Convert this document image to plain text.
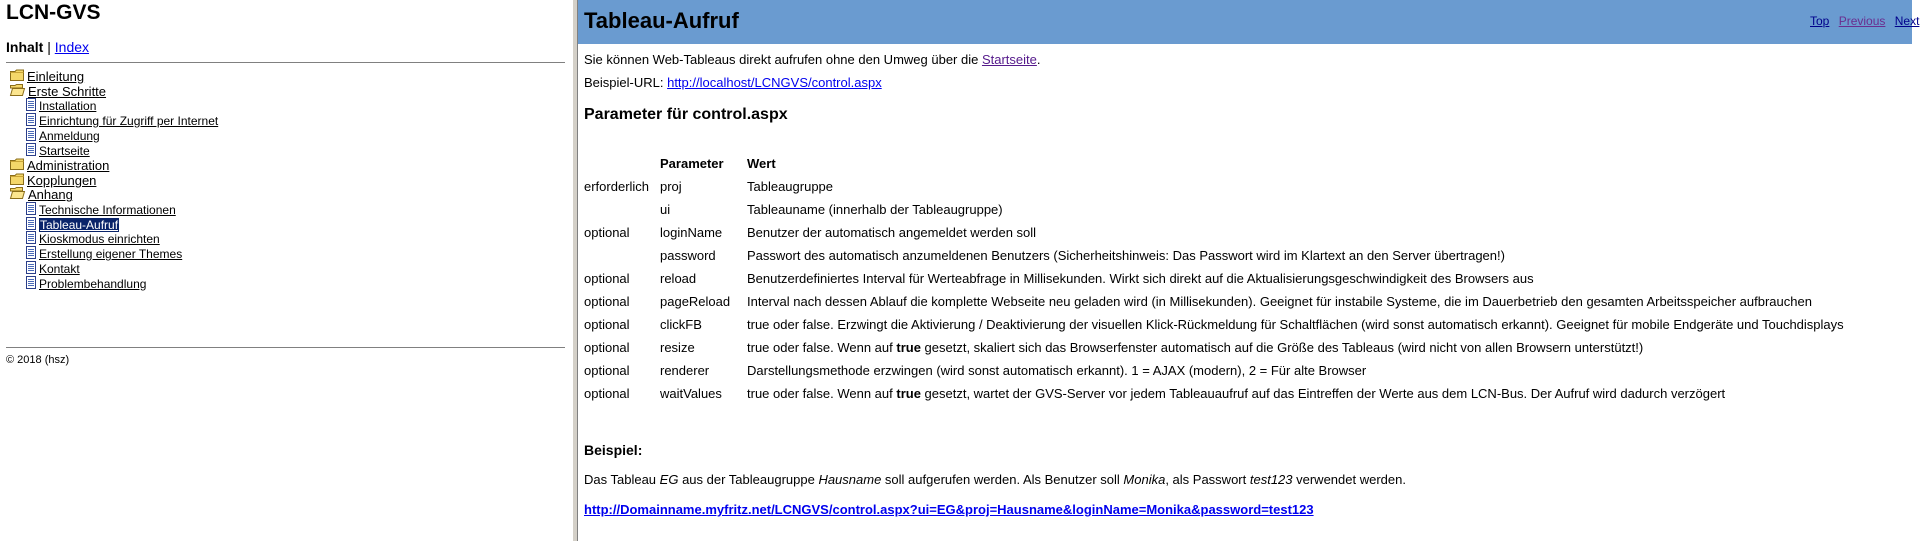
LCN-GVS
Inhalt | Index
Einleitung
Erste Schritte
Installation
Einrichtung für Zugriff per Internet
Anmeldung
Startseite
Administration
Kopplungen
Anhang
Technische Informationen
Tableau-Aufruf
Kioskmodus einrichten
Erstellung eigener Themes
Kontakt
Problembehandlung
© 2018 (hsz)
Tableau-Aufruf	Top Previous Next
Sie können Web-Tableaus direkt aufrufen ohne den Umweg über die Startseite.
Beispiel-URL: http://localhost/LCNGVS/control.aspx
Parameter für control.aspx
	Parameter	Wert
erforderlich	proj	Tableaugruppe
	ui	Tableauname (innerhalb der Tableaugruppe)
optional	loginName	Benutzer der automatisch angemeldet werden soll
	password	Passwort des automatisch anzumeldenen Benutzers (Sicherheitshinweis: Das Passwort wird im Klartext an den Server übertragen!)
optional	reload	Benutzerdefiniertes Interval für Werteabfrage in Millisekunden. Wirkt sich direkt auf die Aktualisierungsgeschwindigkeit des Browsers aus
optional	pageReload	Interval nach dessen Ablauf die komplette Webseite neu geladen wird (in Millisekunden). Geeignet für instabile Systeme, die im Dauerbetrieb den gesamten Arbeitsspeicher aufbrauchen
optional	clickFB	true oder false. Erzwingt die Aktivierung / Deaktivierung der visuellen Klick-Rückmeldung für Schaltflächen (wird sonst automatisch erkannt). Geeignet für mobile Endgeräte und Touchdisplays
optional	resize	true oder false. Wenn auf true gesetzt, skaliert sich das Browserfenster automatisch auf die Größe des Tableaus (wird nicht von allen Browsern unterstützt!)
optional	renderer	Darstellungsmethode erzwingen (wird sonst automatisch erkannt). 1 = AJAX (modern), 2 = Für alte Browser
optional	waitValues	true oder false. Wenn auf true gesetzt, wartet der GVS-Server vor jedem Tableauaufruf auf das Eintreffen der Werte aus dem LCN-Bus. Der Aufruf wird dadurch verzögert
Beispiel:
Das Tableau EG aus der Tableaugruppe Hausname soll aufgerufen werden. Als Benutzer soll Monika, als Passwort test123 verwendet werden.
http://Domainname.myfritz.net/LCNGVS/control.aspx?ui=EG&proj=Hausname&loginName=Monika&password=test123
